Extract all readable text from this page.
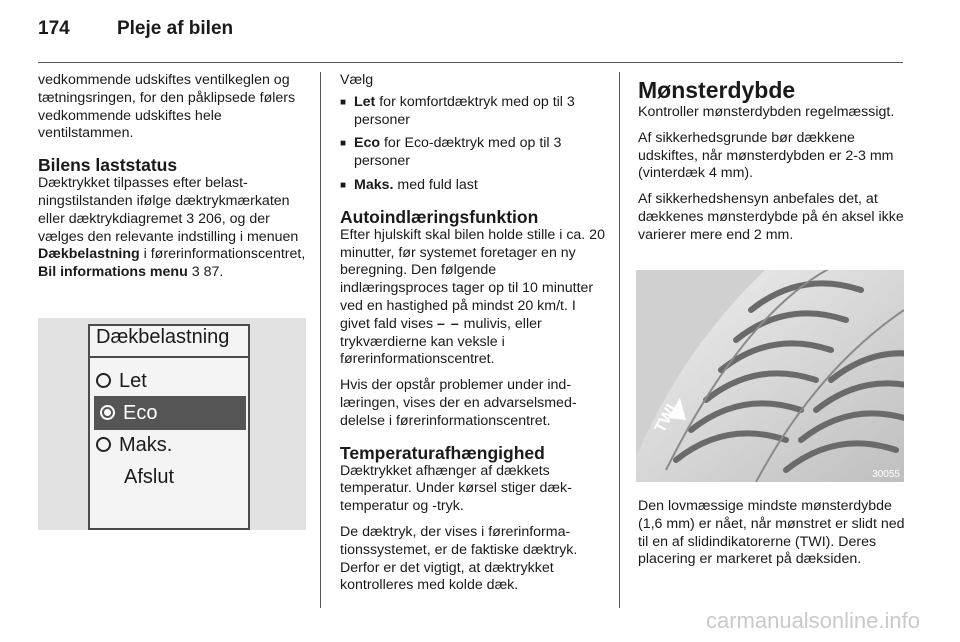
174 Pleje af bilen

vedkommende udskiftes ventilkeglen og tætningsringen, for den påklipsede følers vedkommende udskiftes hele ventilstammen.

Bilens laststatus

Dæktrykket tilpasses efter belastningstilstanden ifølge dæktrykmærkaten eller dæktrykdiagremet 3 206, og der vælges den relevante indstilling i menuen Dækbelastning i førerinformationscentret, Bil informations menu 3 87.

Dækbelastning
Let
Eco
Maks.
Afslut

Vælg

■ Let for komfortdæktryk med op til 3 personer
■ Eco for Eco-dæktryk med op til 3 personer
■ Maks. med fuld last
Autoindlæringsfunktion

Efter hjulskift skal bilen holde stille i ca. 20 minutter, før systemet foretager en ny beregning. Den følgende indlæringsproces tager op til 10 minutter ved en hastighed på mindst 20 km/t. I givet fald vises – – mulivis, eller trykværdierne kan veksle i førerinformationscentret.

Hvis der opstår problemer under indlæringen, vises der en advarselsmeddelelse i førerinformationscentret.

Temperaturafhængighed

Dæktrykket afhænger af dækkets temperatur. Under kørsel stiger dæktemperatur og -tryk.

De dæktryk, der vises i førerinformationssystemet, er de faktiske dæktryk. Derfor er det vigtigt, at dæktrykket kontrolleres med kolde dæk.

Mønsterdybde

Kontroller mønsterdybden regelmæssigt.

Af sikkerhedsgrunde bør dækkene udskiftes, når mønsterdybden er 2-3 mm (vinterdæk 4 mm).

Af sikkerhedshensyn anbefales det, at dækkenes mønsterdybde på én aksel ikke varierer mere end 2 mm.

TWI
30055

Den lovmæssige mindste mønsterdybde (1,6 mm) er nået, når mønstret er slidt ned til en af slidindikatorerne (TWI). Deres placering er markeret på dæksiden.

carmanualsonline.info
